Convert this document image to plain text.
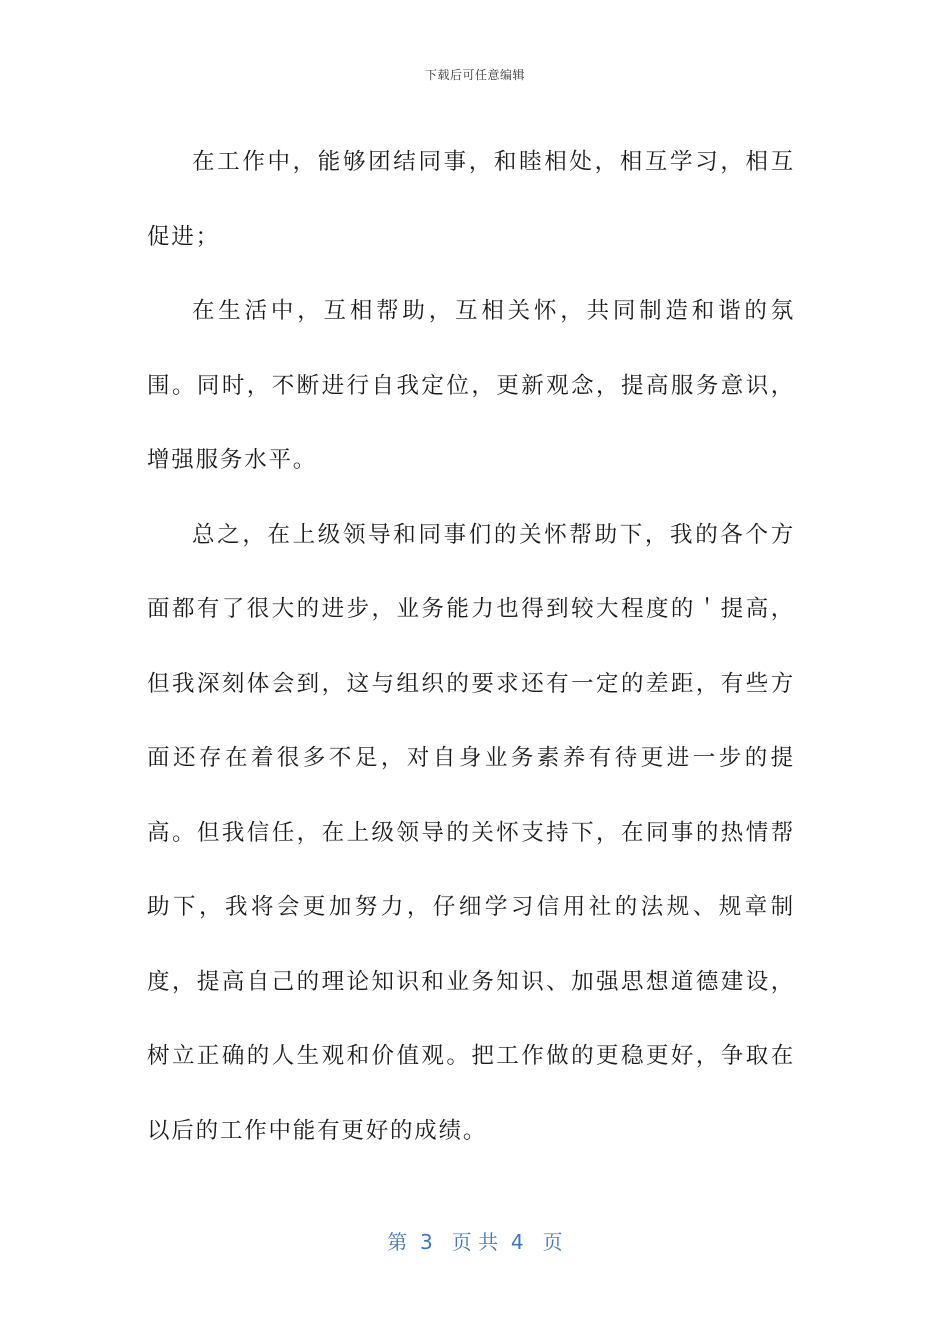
下载后可任意编辑

在工作中，能够团结同事，和睦相处，相互学习，相互促进；

在生活中，互相帮助，互相关怀，共同制造和谐的氛围。同时，不断进行自我定位，更新观念，提高服务意识，增强服务水平。

总之，在上级领导和同事们的关怀帮助下，我的各个方面都有了很大的进步，业务能力也得到较大程度的＇提高，但我深刻体会到，这与组织的要求还有一定的差距，有些方面还存在着很多不足，对自身业务素养有待更进一步的提高。但我信任，在上级领导的关怀支持下，在同事的热情帮助下，我将会更加努力，仔细学习信用社的法规、规章制度，提高自己的理论知识和业务知识、加强思想道德建设，树立正确的人生观和价值观。把工作做的更稳更好，争取在以后的工作中能有更好的成绩。

第  3   页 共  4   页
